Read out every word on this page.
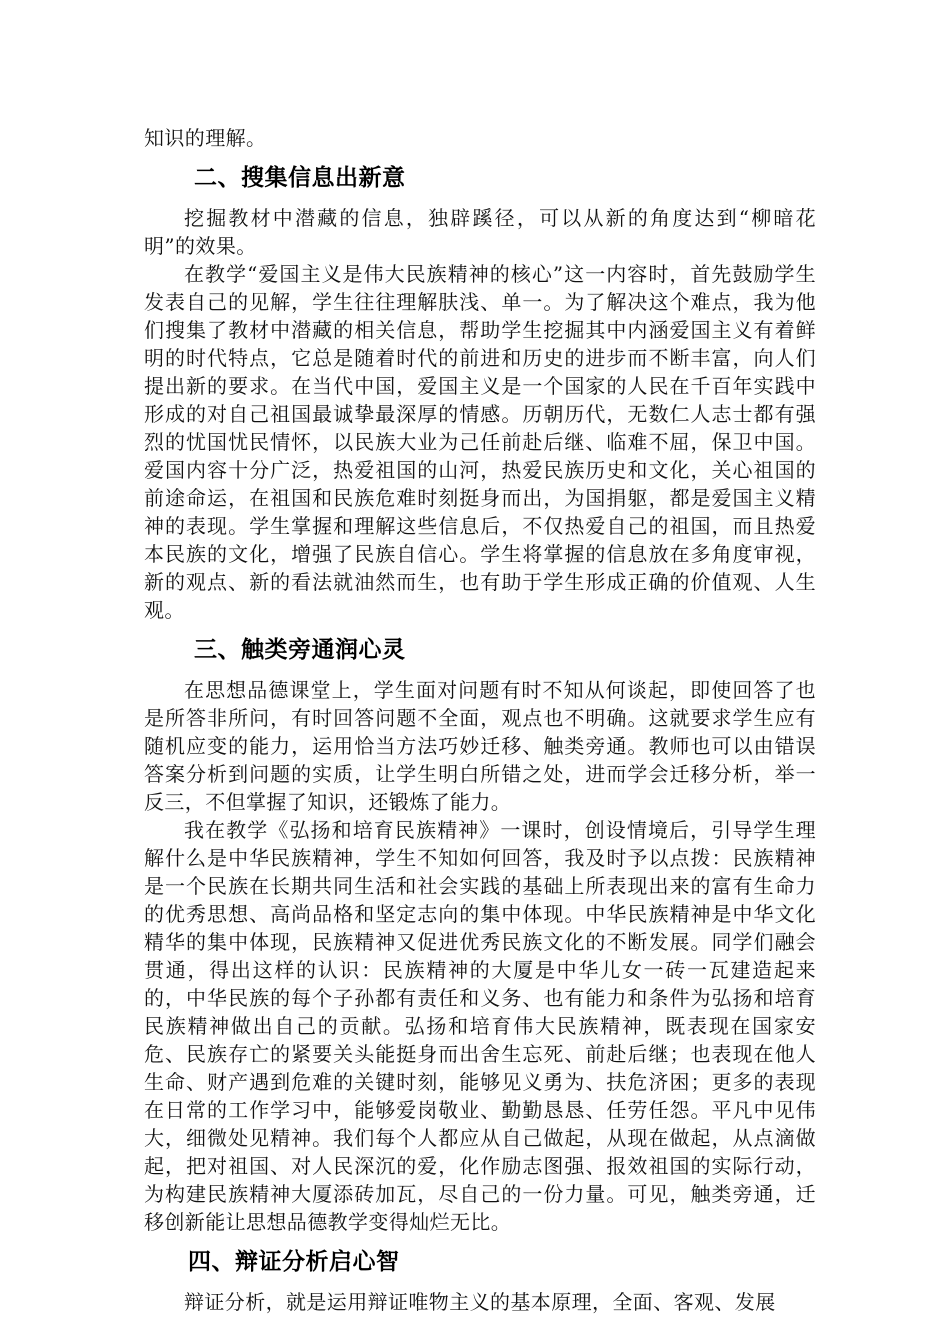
知识的理解。

二、搜集信息出新意

挖掘教材中潜藏的信息，独辟蹊径，可以从新的角度达到“柳暗花明”的效果。

在教学“爱国主义是伟大民族精神的核心”这一内容时，首先鼓励学生发表自己的见解，学生往往理解肤浅、单一。为了解决这个难点，我为他们搜集了教材中潜藏的相关信息，帮助学生挖掘其中内涵爱国主义有着鲜明的时代特点，它总是随着时代的前进和历史的进步而不断丰富，向人们提出新的要求。在当代中国，爱国主义是一个国家的人民在千百年实践中形成的对自己祖国最诚挚最深厚的情感。历朝历代，无数仁人志士都有强烈的忧国忧民情怀，以民族大业为己任前赴后继、临难不屈，保卫中国。爱国内容十分广泛，热爱祖国的山河，热爱民族历史和文化，关心祖国的前途命运，在祖国和民族危难时刻挺身而出，为国捐躯，都是爱国主义精神的表现。学生掌握和理解这些信息后，不仅热爱自己的祖国，而且热爱本民族的文化，增强了民族自信心。学生将掌握的信息放在多角度审视，新的观点、新的看法就油然而生，也有助于学生形成正确的价值观、人生观。

三、触类旁通润心灵

在思想品德课堂上，学生面对问题有时不知从何谈起，即使回答了也是所答非所问，有时回答问题不全面，观点也不明确。这就要求学生应有随机应变的能力，运用恰当方法巧妙迁移、触类旁通。教师也可以由错误答案分析到问题的实质，让学生明白所错之处，进而学会迁移分析，举一反三，不但掌握了知识，还锻炼了能力。

我在教学《弘扬和培育民族精神》一课时，创设情境后，引导学生理解什么是中华民族精神，学生不知如何回答，我及时予以点拨：民族精神是一个民族在长期共同生活和社会实践的基础上所表现出来的富有生命力的优秀思想、高尚品格和坚定志向的集中体现。中华民族精神是中华文化精华的集中体现，民族精神又促进优秀民族文化的不断发展。同学们融会贯通，得出这样的认识：民族精神的大厦是中华儿女一砖一瓦建造起来的，中华民族的每个子孙都有责任和义务、也有能力和条件为弘扬和培育民族精神做出自己的贡献。弘扬和培育伟大民族精神，既表现在国家安危、民族存亡的紧要关头能挺身而出舍生忘死、前赴后继；也表现在他人生命、财产遇到危难的关键时刻，能够见义勇为、扶危济困；更多的表现在日常的工作学习中，能够爱岗敬业、勤勤恳恳、任劳任怨。平凡中见伟大，细微处见精神。我们每个人都应从自己做起，从现在做起，从点滴做起，把对祖国、对人民深沉的爱，化作励志图强、报效祖国的实际行动，为构建民族精神大厦添砖加瓦，尽自己的一份力量。可见，触类旁通，迁移创新能让思想品德教学变得灿烂无比。

四、辩证分析启心智

辩证分析，就是运用辩证唯物主义的基本原理，全面、客观、发展
